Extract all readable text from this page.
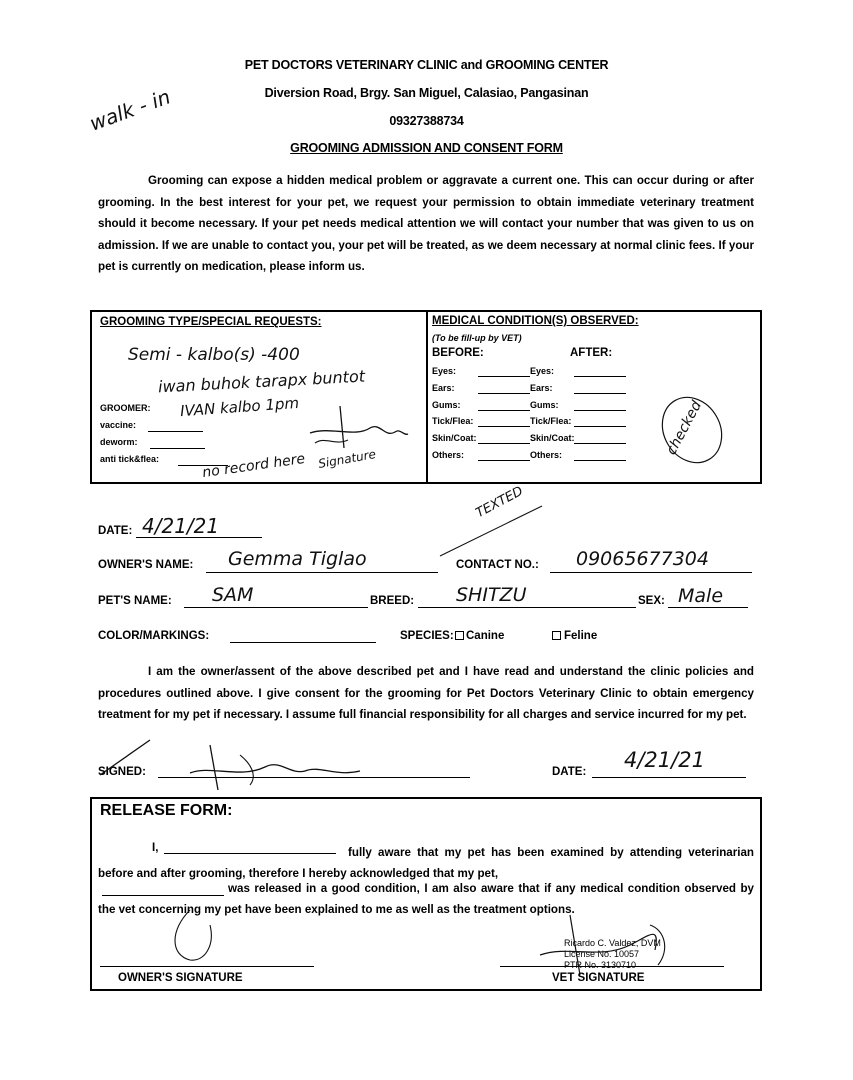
PET DOCTORS VETERINARY CLINIC and GROOMING CENTER
Diversion Road, Brgy. San Miguel, Calasiao, Pangasinan
09327388734
GROOMING ADMISSION AND CONSENT FORM
walk - in
Grooming can expose a hidden medical problem or aggravate a current one. This can occur during or after grooming. In the best interest for your pet, we request your permission to obtain immediate veterinary treatment should it become necessary. If your pet needs medical attention we will contact your number that was given to us on admission. If we are unable to contact you, your pet will be treated, as we deem necessary at normal clinic fees. If your pet is currently on medication, please inform us.
GROOMING TYPE/SPECIAL REQUESTS:
Semi - kalbo(s) -400
iwan buhok tarapx buntot
GROOMER: IVAN kalbo 1pm
vaccine:
deworm:
anti tick&flea:	no record here Signature
MEDICAL CONDITION(S) OBSERVED:
(To be fill-up by VET)
BEFORE:	AFTER:
Eyes:	Eyes:
Ears:	Ears:
Gums:	Gums:
Tick/Flea:	Tick/Flea:
Skin/Coat:	Skin/Coat:
Others:	Others:	checked
TEXTED
DATE: 4/21/21
OWNER'S NAME: Gemma Tiglao	CONTACT NO.: 09065677304
PET'S NAME: SAM	BREED: SHITZU	SEX: Male
COLOR/MARKINGS:	SPECIES: Canine	Feline
I am the owner/assent of the above described pet and I have read and understand the clinic policies and procedures outlined above. I give consent for the grooming for Pet Doctors Veterinary Clinic to obtain emergency treatment for my pet if necessary. I assume full financial responsibility for all charges and service incurred for my pet.
SIGNED:	DATE: 4/21/21
RELEASE FORM:
I,	fully aware that my pet has been examined by attending veterinarian before and after grooming, therefore I hereby acknowledged that my pet,
was released in a good condition, I am also aware that if any medical condition observed by the vet concerning my pet have been explained to me as well as the treatment options.
Ricardo C. Valdez, DVM
License No. 10057
PTR No. 3130710
OWNER'S SIGNATURE	VET SIGNATURE
